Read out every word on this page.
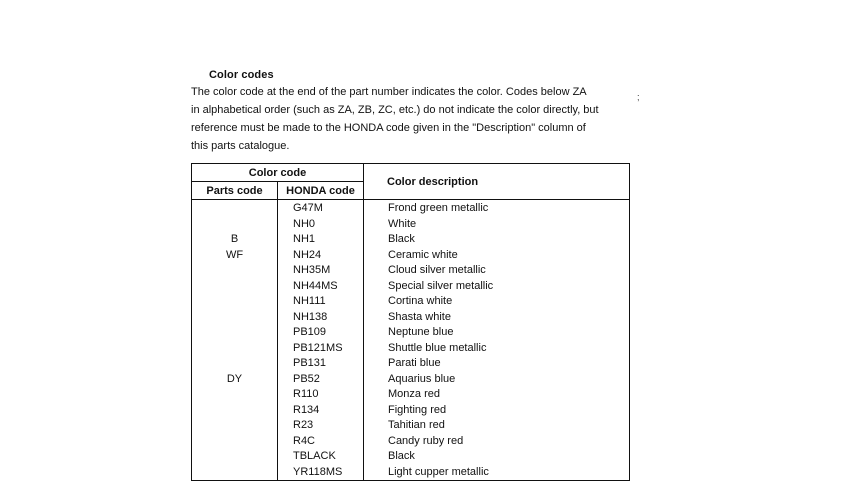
Color codes
The color code at the end of the part number indicates the color. Codes below ZA
in alphabetical order (such as ZA, ZB, ZC, etc.) do not indicate the color directly, but
reference must be made to the HONDA code given in the "Description" column of
this parts catalogue.
;
Color code		Color description
Parts code	HONDA code	
	G47M	Frond green metallic
	NH0	White
B	NH1	Black
WF	NH24	Ceramic white
	NH35M	Cloud silver metallic
	NH44MS	Special silver metallic
	NH111	Cortina white
	NH138	Shasta white
	PB109	Neptune blue
	PB121MS	Shuttle blue metallic
	PB131	Parati blue
DY	PB52	Aquarius blue
	R110	Monza red
	R134	Fighting red
	R23	Tahitian red
	R4C	Candy ruby red
	TBLACK	Black
	YR118MS	Light cupper metallic
